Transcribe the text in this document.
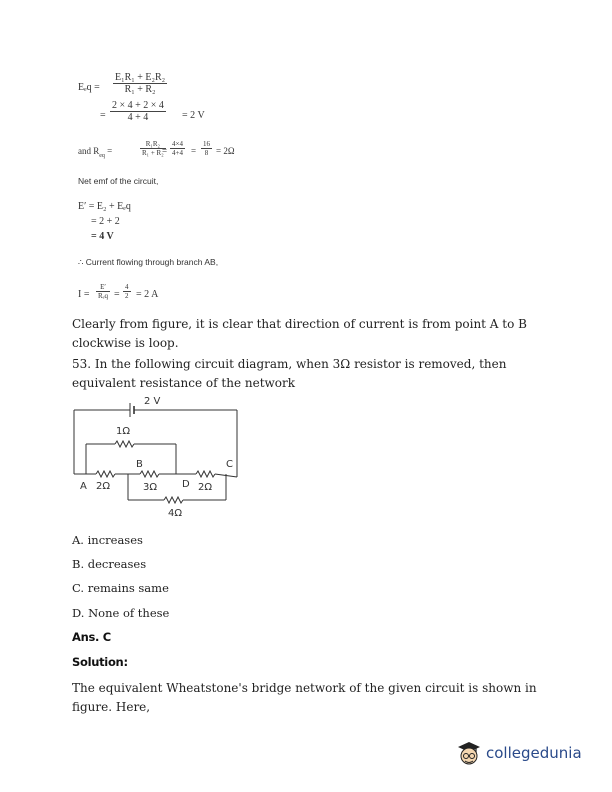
$E_eq = \frac{\text{E₁R₁ + E₂R₂}}{\text{R₁ + R₂}}$
= $\frac{2 \times 4 + 2 \times 4}{4 + 4} = 2$ V
and $R_{eq}$ =	$\frac{\text{R₁R₂}}{\text{R₁ + R₂}}$
= $\frac{4\times 4}{4+4} = \frac{16}{8} = 2\Omega$
Net emf of the circuit,
E′ = E₂ + Eₑq
= 2 + 2
= 4 V
∴ Current flowing through branch AB,
I =
E′
$R_eq = \frac{4}{2} = 2$ A
Clearly from figure, it is clear that direction of current is from point A to B clockwise is loop.
53. In the following circuit diagram, when 3Ω resistor is removed, then equivalent resistance of the network
2 V
1Ω
B	C
A 2Ω	3Ω D 2Ω
4Ω
A. increases
B. decreases
C. remains same
D. None of these
Ans. C
Solution:
The equivalent Wheatstone's bridge network of the given circuit is shown in figure. Here,
collegedunia
